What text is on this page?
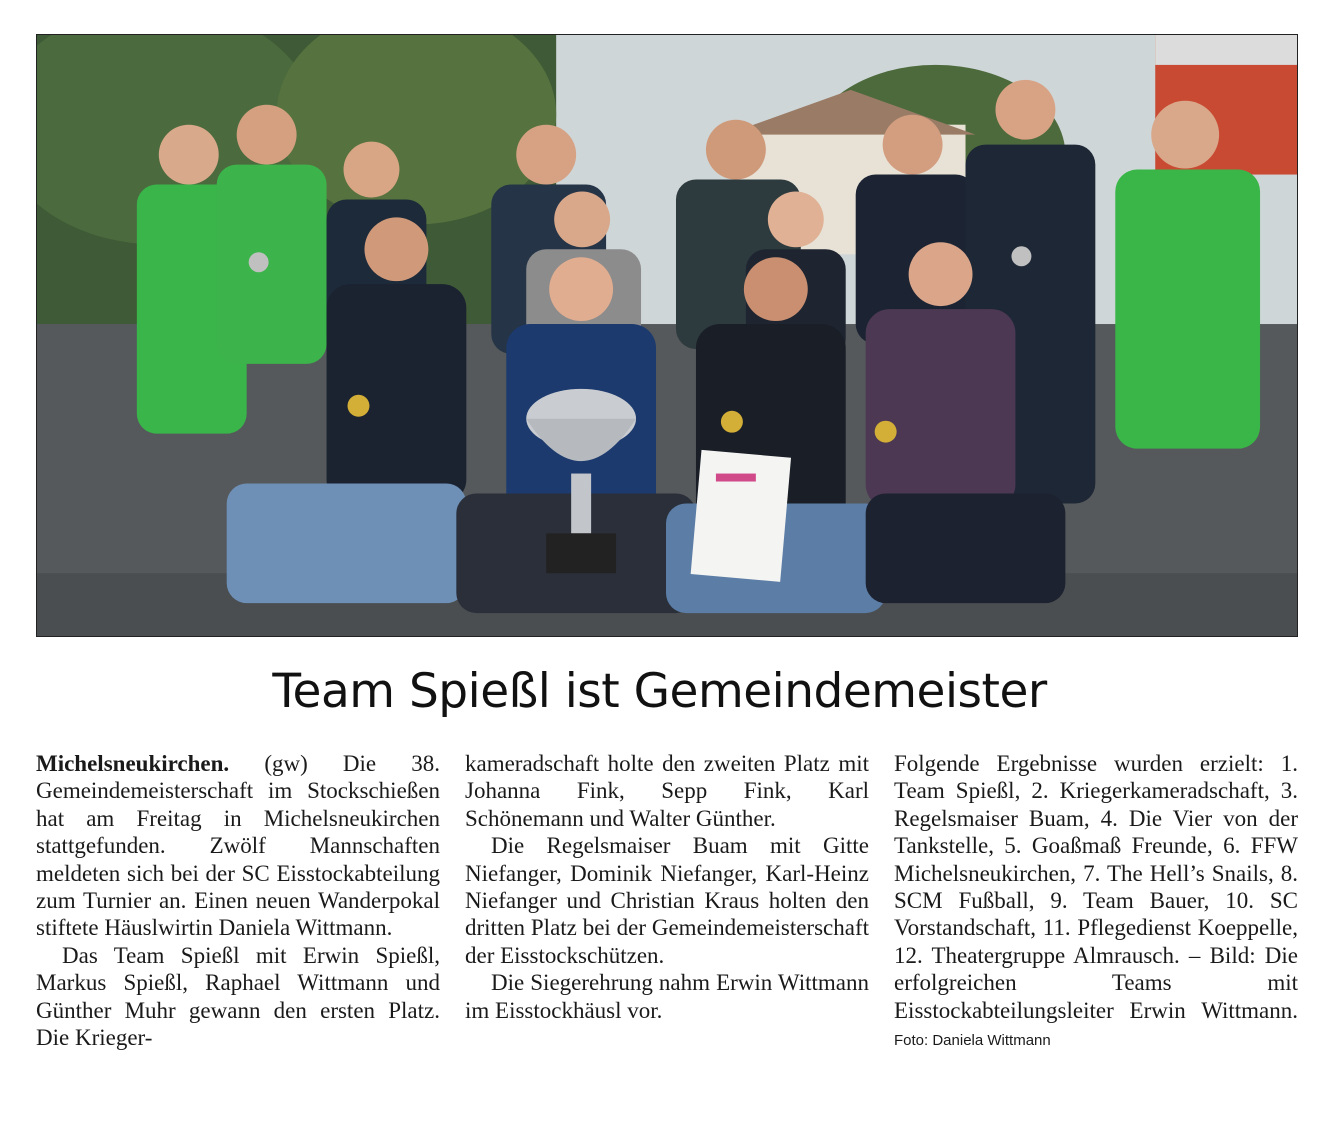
Team Spießl ist Gemeindemeister

Michelsneukirchen. (gw) Die 38. Gemeindemeisterschaft im Stockschießen hat am Freitag in Michelsneukirchen stattgefunden. Zwölf Mannschaften meldeten sich bei der SC Eisstockabteilung zum Turnier an. Einen neuen Wanderpokal stiftete Häuslwirtin Daniela Wittmann.

Das Team Spießl mit Erwin Spießl, Markus Spießl, Raphael Wittmann und Günther Muhr gewann den ersten Platz. Die Krieger-

kameradschaft holte den zweiten Platz mit Johanna Fink, Sepp Fink, Karl Schönemann und Walter Günther.

Die Regelsmaiser Buam mit Gitte Niefanger, Dominik Niefanger, Karl-Heinz Niefanger und Christian Kraus holten den dritten Platz bei der Gemeindemeisterschaft der Eisstockschützen.

Die Siegerehrung nahm Erwin Wittmann im Eisstockhäusl vor.

Folgende Ergebnisse wurden erzielt: 1. Team Spießl, 2. Kriegerkameradschaft, 3. Regelsmaiser Buam, 4. Die Vier von der Tankstelle, 5. Goaßmaß Freunde, 6. FFW Michelsneukirchen, 7. The Hell’s Snails, 8. SCM Fußball, 9. Team Bauer, 10. SC Vorstandschaft, 11. Pflegedienst Koeppelle, 12. Theatergruppe Almrausch. – Bild: Die erfolgreichen Teams mit Eisstockabteilungsleiter Erwin Wittmann. Foto: Daniela Wittmann
